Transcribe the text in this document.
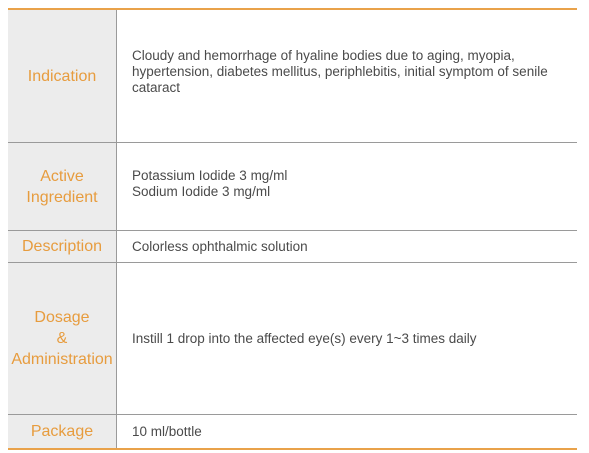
Indication
Cloudy and hemorrhage of hyaline bodies due to aging, myopia,
hypertension, diabetes mellitus, periphlebitis, initial symptom of senile
cataract
Active
Ingredient
Potassium Iodide 3 mg/ml
Sodium Iodide 3 mg/ml
Description Colorless ophthalmic solution
Dosage
&
Administration
Instill 1 drop into the affected eye(s) every 1~3 times daily
Package	10 ml/bottle
